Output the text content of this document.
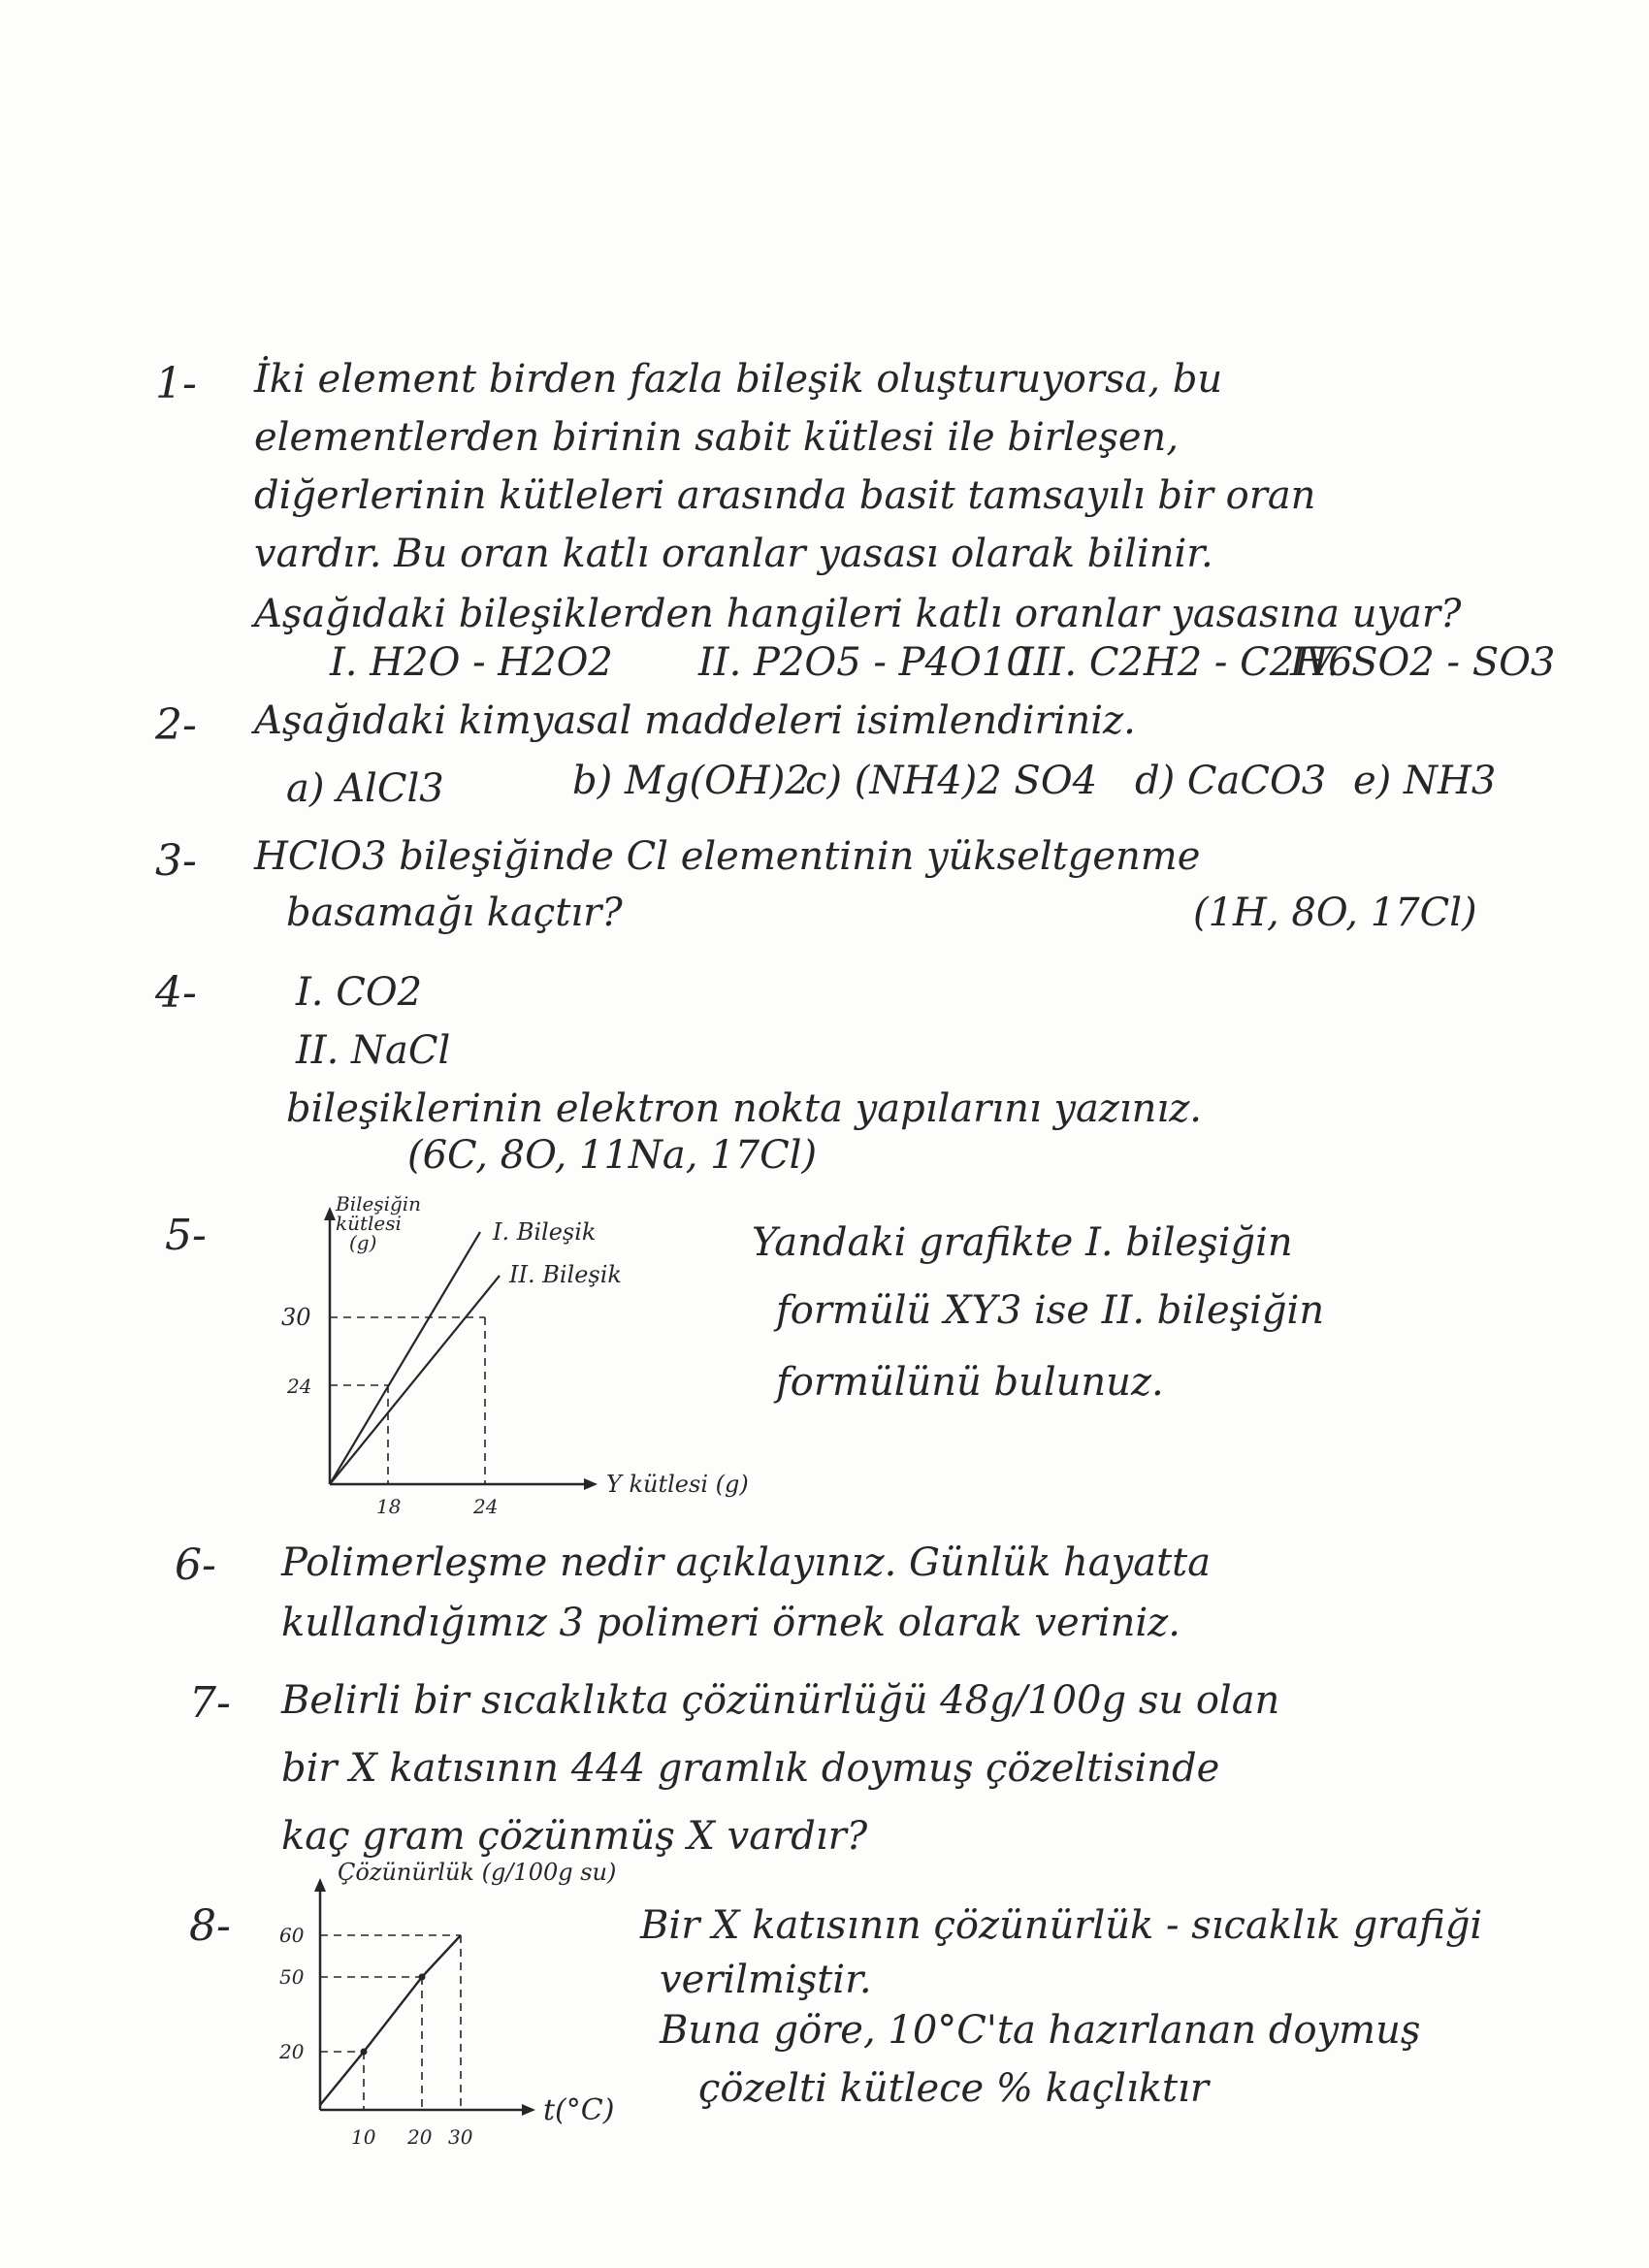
1- İki element birden fazla bileşik oluşturuyorsa, bu
elementlerden birinin sabit kütlesi ile birleşen,
diğerlerinin kütleleri arasında basit tamsayılı bir oran
vardır. Bu oran katlı oranlar yasası olarak bilinir.
Aşağıdaki bileşiklerden hangileri katlı oranlar yasasına uyar?
I. H2O - H2O2 II. P2O5 - P4O10
III. C2H2 - C2H6
IV. SO2 - SO3
2- Aşağıdaki kimyasal maddeleri isimlendiriniz.
a) AlCl3	b) Mg(OH)2
c) (NH4)2 SO4 d) CaCO3 e) NH3
3- HClO3 bileşiğinde Cl elementinin yükseltgenme
basamağı kaçtır?	(1H, 8O, 17Cl)
4-	I. CO2
II. NaCl
bileşiklerinin elektron nokta yapılarını yazınız.
(6C, 8O, 11Na, 17Cl)
5-	Yandaki grafikte I. bileşiğin
formülü XY3 ise II. bileşiğin
formülünü bulunuz.
30
24
18	24
Bileşiğin
kütlesi
(g)
Y kütlesi (g)
I. Bileşik
II. Bileşik
6- Polimerleşme nedir açıklayınız. Günlük hayatta
kullandığımız 3 polimeri örnek olarak veriniz.
7- Belirli bir sıcaklıkta çözünürlüğü 48g/100g su olan
bir X katısının 444 gramlık doymuş çözeltisinde
kaç gram çözünmüş X vardır?
8-	Bir X katısının çözünürlük - sıcaklık grafiği
verilmiştir.
Buna göre, 10°C'ta hazırlanan doymuş
çözelti kütlece % kaçlıktır
Çözünürlük (g/100g su)
60
50
20
10 20 30
t(°C)
